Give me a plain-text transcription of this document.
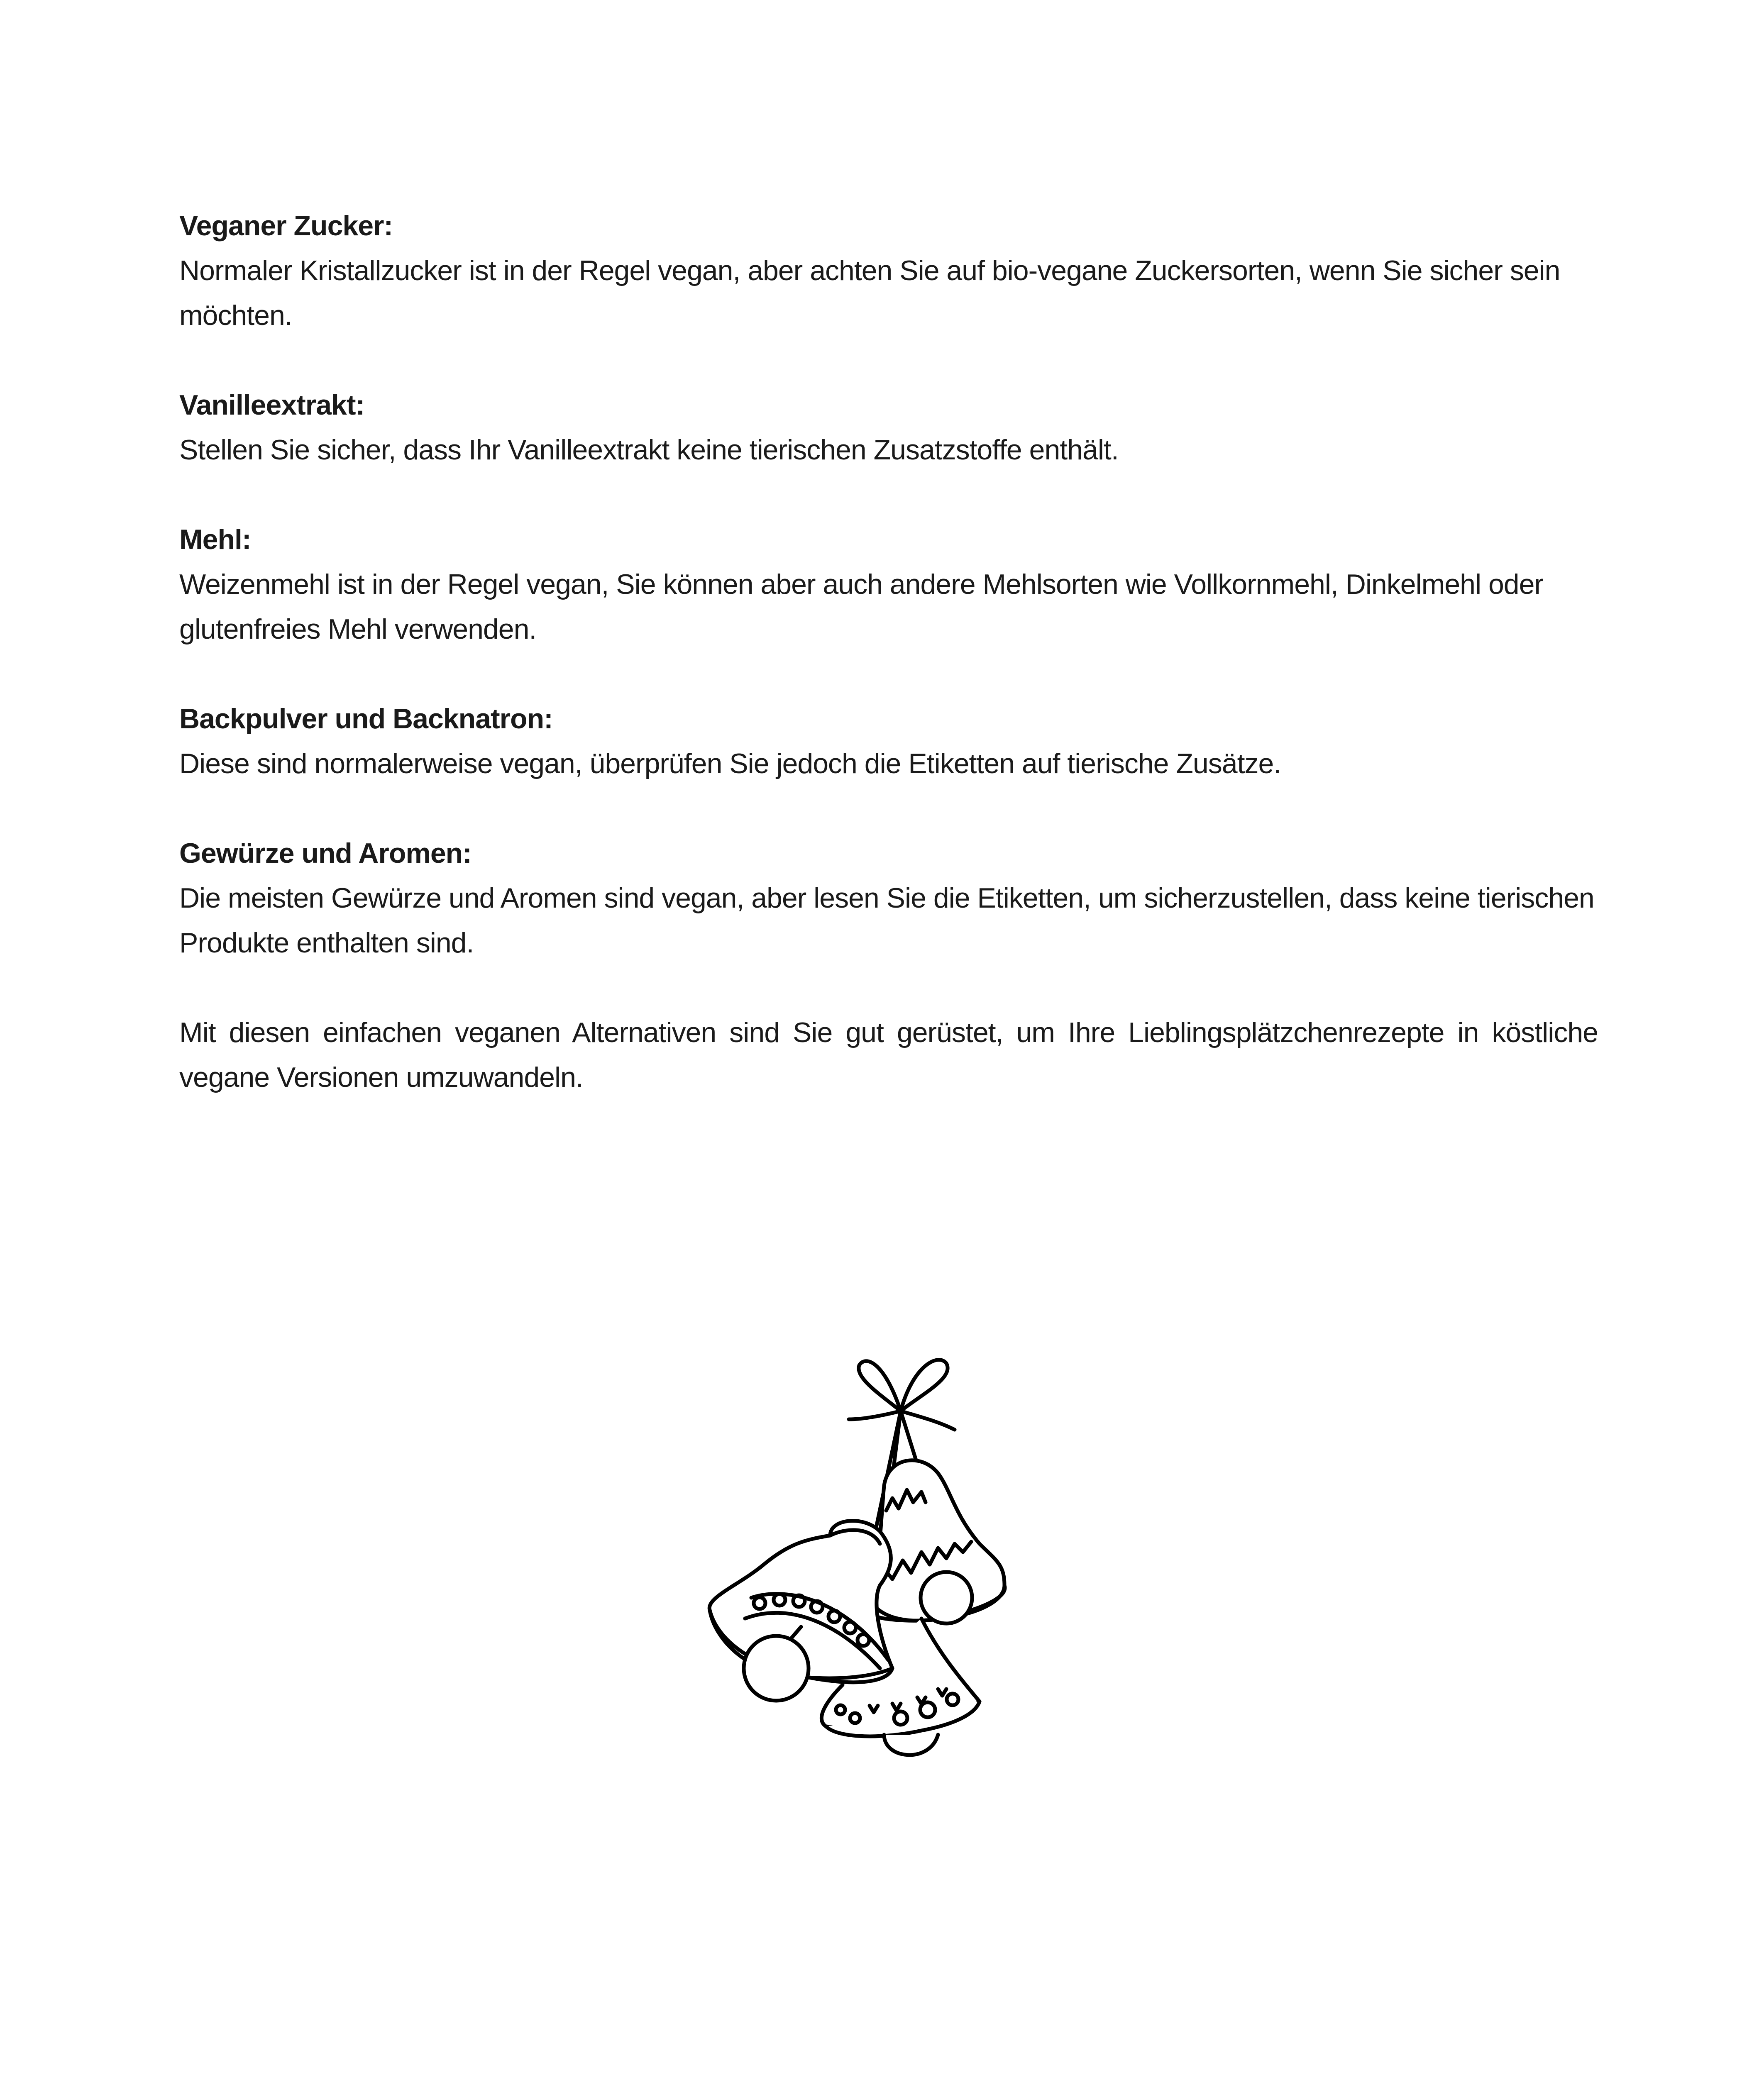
Veganer Zucker:

Normaler Kristallzucker ist in der Regel vegan, aber achten Sie auf bio-vegane Zuckersorten, wenn Sie sicher sein möchten.

Vanilleextrakt:

Stellen Sie sicher, dass Ihr Vanilleextrakt keine tierischen Zusatzstoffe enthält.

Mehl:

Weizenmehl ist in der Regel vegan, Sie können aber auch andere Mehlsorten wie Vollkornmehl, Dinkelmehl oder glutenfreies Mehl verwenden.

Backpulver und Backnatron:

Diese sind normalerweise vegan, überprüfen Sie jedoch die Etiketten auf tierische Zusätze.

Gewürze und Aromen:

Die meisten Gewürze und Aromen sind vegan, aber lesen Sie die Etiketten, um sicherzustellen, dass keine tierischen Produkte enthalten sind.

Mit diesen einfachen veganen Alternativen sind Sie gut gerüstet, um Ihre Lieblingsplätzchenrezepte in köstliche vegane Versionen umzuwandeln.
